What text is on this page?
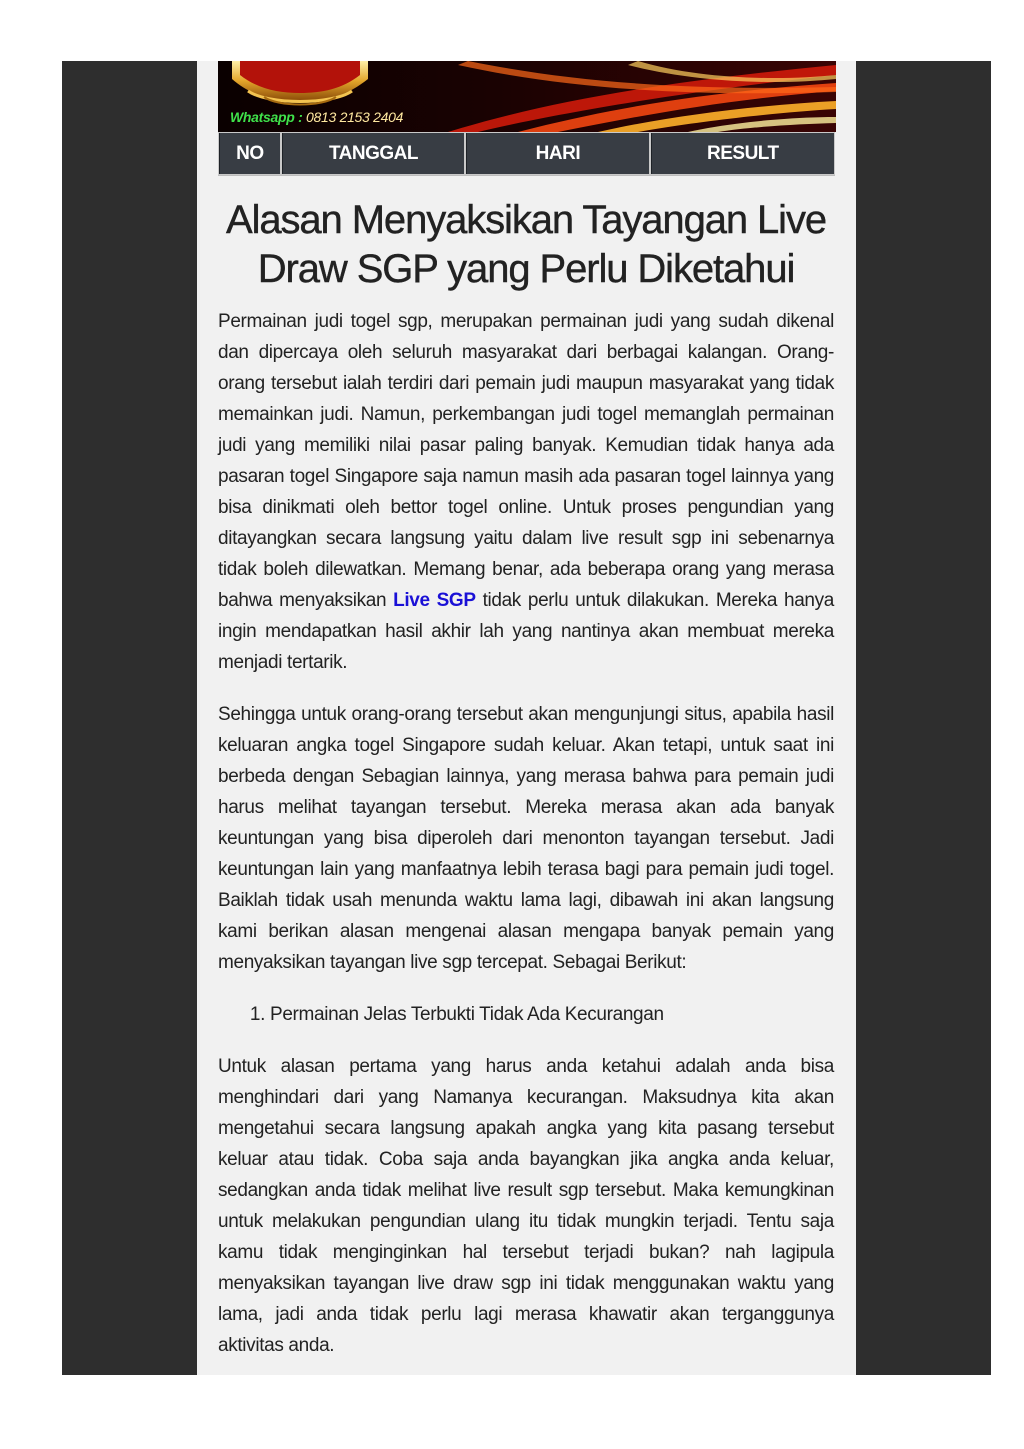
Whatsapp : 0813 2153 2404
NO	TANGGAL	HARI	RESULT
Alasan Menyaksikan Tayangan Live Draw SGP yang Perlu Diketahui

Permainan judi togel sgp, merupakan permainan judi yang sudah dikenal dan dipercaya oleh seluruh masyarakat dari berbagai kalangan. Orang-orang tersebut ialah terdiri dari pemain judi maupun masyarakat yang tidak memainkan judi. Namun, perkembangan judi togel memanglah permainan judi yang memiliki nilai pasar paling banyak. Kemudian tidak hanya ada pasaran togel Singapore saja namun masih ada pasaran togel lainnya yang bisa dinikmati oleh bettor togel online. Untuk proses pengundian yang ditayangkan secara langsung yaitu dalam live result sgp ini sebenarnya tidak boleh dilewatkan. Memang benar, ada beberapa orang yang merasa bahwa menyaksikan Live SGP tidak perlu untuk dilakukan. Mereka hanya ingin mendapatkan hasil akhir lah yang nantinya akan membuat mereka menjadi tertarik.

Sehingga untuk orang-orang tersebut akan mengunjungi situs, apabila hasil keluaran angka togel Singapore sudah keluar. Akan tetapi, untuk saat ini berbeda dengan Sebagian lainnya, yang merasa bahwa para pemain judi harus melihat tayangan tersebut. Mereka merasa akan ada banyak keuntungan yang bisa diperoleh dari menonton tayangan tersebut. Jadi keuntungan lain yang manfaatnya lebih terasa bagi para pemain judi togel. Baiklah tidak usah menunda waktu lama lagi, dibawah ini akan langsung kami berikan alasan mengenai alasan mengapa banyak pemain yang menyaksikan tayangan live sgp tercepat. Sebagai Berikut:

1. Permainan Jelas Terbukti Tidak Ada Kecurangan

Untuk alasan pertama yang harus anda ketahui adalah anda bisa menghindari dari yang Namanya kecurangan. Maksudnya kita akan mengetahui secara langsung apakah angka yang kita pasang tersebut keluar atau tidak. Coba saja anda bayangkan jika angka anda keluar, sedangkan anda tidak melihat live result sgp tersebut. Maka kemungkinan untuk melakukan pengundian ulang itu tidak mungkin terjadi. Tentu saja kamu tidak menginginkan hal tersebut terjadi bukan? nah lagipula menyaksikan tayangan live draw sgp ini tidak menggunakan waktu yang lama, jadi anda tidak perlu lagi merasa khawatir akan terganggunya aktivitas anda.
